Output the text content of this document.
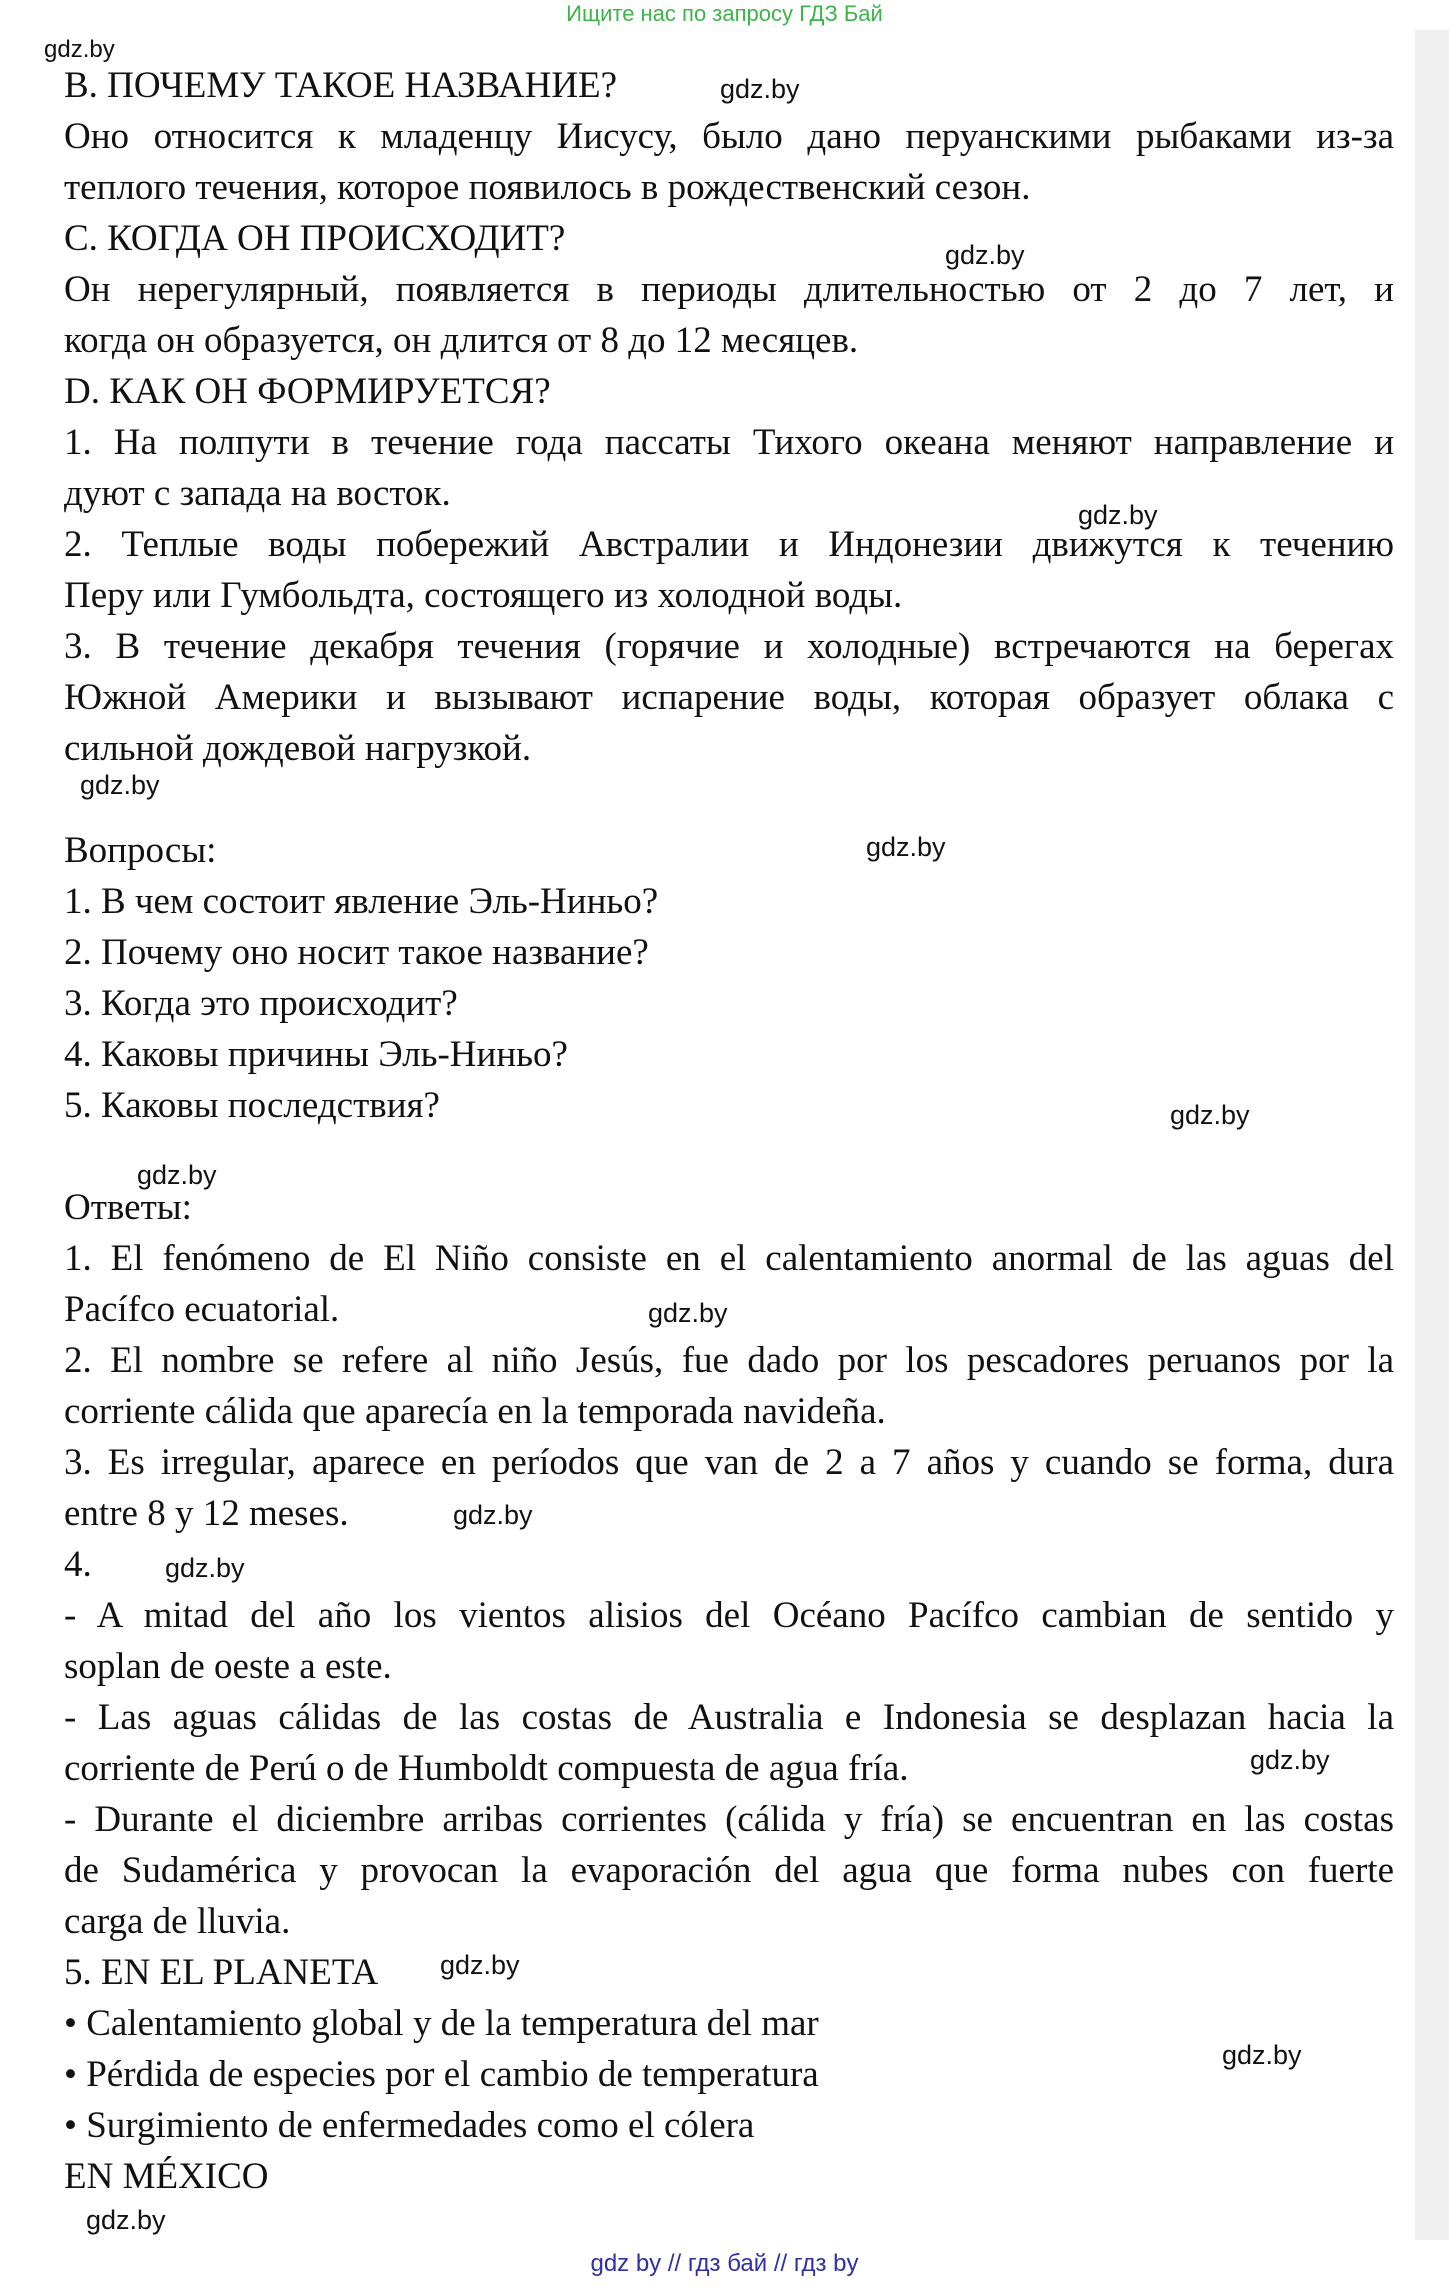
Ищите нас по запросу ГДЗ Бай
gdz.by
B. ПОЧЕМУ ТАКОЕ НАЗВАНИЕ?
Оно относится к младенцу Иисусу, было дано перуанскими рыбаками из-за
теплого течения, которое появилось в рождественский сезон.
C. КОГДА ОН ПРОИСХОДИТ?
Он нерегулярный, появляется в периоды длительностью от 2 до 7 лет, и
когда он образуется, он длится от 8 до 12 месяцев.
D. КАК ОН ФОРМИРУЕТСЯ?
1. На полпути в течение года пассаты Тихого океана меняют направление и
дуют с запада на восток.
2. Теплые воды побережий Австралии и Индонезии движутся к течению
Перу или Гумбольдта, состоящего из холодной воды.
3. В течение декабря течения (горячие и холодные) встречаются на берегах
Южной Америки и вызывают испарение воды, которая образует облака с
сильной дождевой нагрузкой.
Вопросы:
1. В чем состоит явление Эль-Ниньо?
2. Почему оно носит такое название?
3. Когда это происходит?
4. Каковы причины Эль-Ниньо?
5. Каковы последствия?
Ответы:
1. El fenómeno de El Niño consiste en el calentamiento anormal de las aguas del
Pacífco ecuatorial.
2. El nombre se refere al niño Jesús, fue dado por los pescadores peruanos por la
corriente cálida que aparecía en la temporada navideña.
3. Es irregular, aparece en períodos que van de 2 a 7 años y cuando se forma, dura
entre 8 y 12 meses.
4.
- A mitad del año los vientos alisios del Océano Pacífco cambian de sentido y
soplan de oeste a este.
- Las aguas cálidas de las costas de Australia e Indonesia se desplazan hacia la
corriente de Perú o de Humboldt compuesta de agua fría.
- Durante el diciembre arribas corrientes (cálida y fría) se encuentran en las costas
de Sudamérica y provocan la evaporación del agua que forma nubes con fuerte
carga de lluvia.
5. EN EL PLANETA
• Calentamiento global y de la temperatura del mar
• Pérdida de especies por el cambio de temperatura
• Surgimiento de enfermedades como el cólera
EN MÉXICO
gdz.by
gdz.by
gdz.by
gdz.by
gdz.by
gdz.by
gdz.by
gdz.by
gdz.by
gdz.by
gdz.by
gdz.by
gdz.by
gdz.by
gdz by // гдз бай // гдз by
